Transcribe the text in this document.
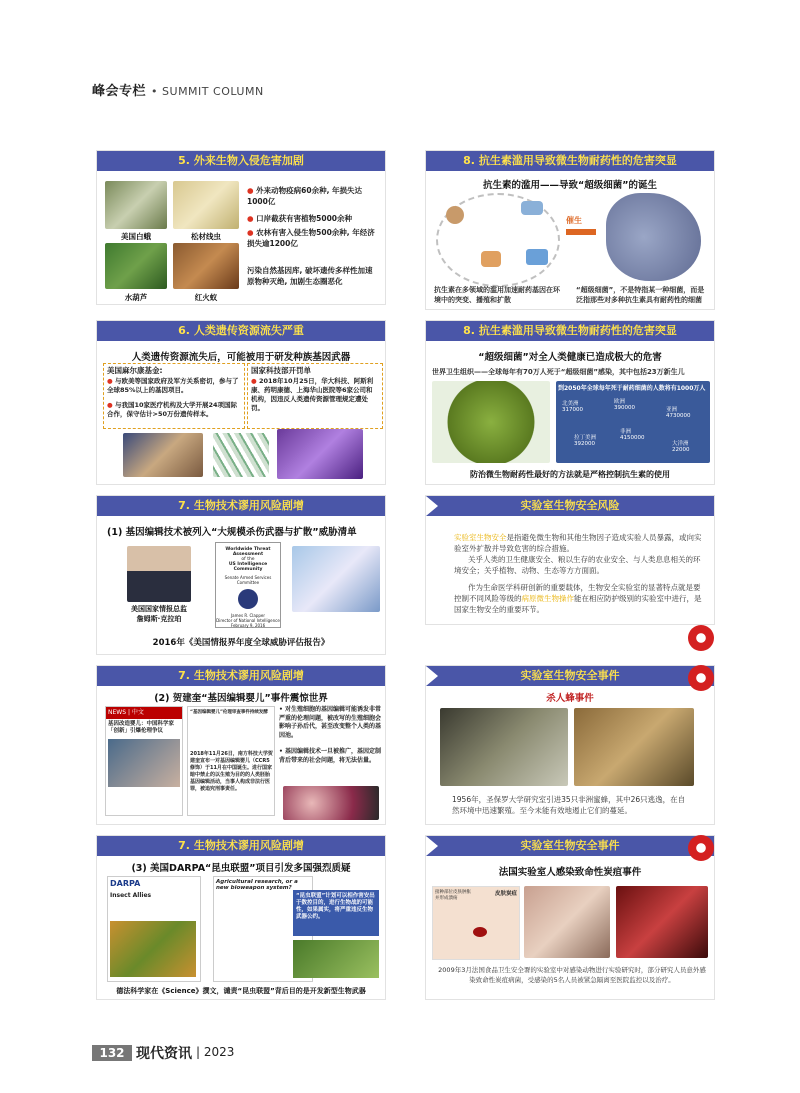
峰会专栏 • SUMMIT COLUMN
5. 外来生物入侵危害加剧
美国白蛾	松材线虫
水葫芦	红火蚁
● 外来动物疫病60余种, 年损失达1000亿
● 口岸截获有害植物5000余种
● 农林有害入侵生物500余种, 年经济损失逾1200亿
污染自然基因库, 破坏遗传多样性加速原物种灭绝, 加剧生态圈恶化
8. 抗生素滥用导致微生物耐药性的危害突显
抗生素的滥用——导致“超级细菌”的诞生
催生
抗生素在多领域的滥用加速耐药基因在环境中的突变、播殖和扩散
“超级细菌”，不是特指某一种细菌，而是泛指那些对多种抗生素具有耐药性的细菌
6. 人类遗传资源流失严重
人类遗传资源流失后，可能被用于研发种族基因武器
美国麻尔康基金:
● 与欧美等国家政府及军方关系密切，参与了全球85%以上的基因项目。
● 与我国10家医疗机构及大学开展24项国际合作，保守估计>50万份遗传样本。
国家科技部开罚单
● 2018年10月25日，华大科技、阿斯利康、药明康德、上海华山医院等6家公司和机构，因违反人类遗传资源管理规定遭处罚。
8. 抗生素滥用导致微生物耐药性的危害突显
“超级细菌”对全人类健康已造成极大的危害
世界卫生组织——全球每年有70万人死于“超级细菌”感染，其中包括23万新生儿
到2050年全球每年死于耐药细菌的人数将有1000万人
北美洲
317000
欧洲
390000	亚洲
4730000
非洲
4150000
拉丁美洲
392000	大洋洲
22000
防治微生物耐药性最好的方法就是严格控制抗生素的使用
7. 生物技术谬用风险剧增
(1) 基因编辑技术被列入“大规模杀伤武器与扩散”威胁清单
美国国家情报总监
詹姆斯·克拉珀
Worldwide Threat Assessment
of the
US Intelligence Community
Senate Armed Services Committee
James R. Clapper
Director of National Intelligence
February 9, 2016
2016年《美国情报界年度全球威胁评估报告》
实验室生物安全风险
实验室生物安全是指避免微生物和其他生物因子造成实验人员暴露，或向实验室外扩散并导致危害的综合措施。
关乎人类的卫生健康安全、粮以生存的农业安全、与人类息息相关的环境安全；关乎植物、动物、生态等方方面面。
作为生命医学科研创新的重要载体，生物安全实验室的显著特点就是要控制不同风险等级的病原微生物操作能在相应防护级别的实验室中进行，是国家生物安全的重要环节。
7. 生物技术谬用风险剧增
(2) 贺建奎“基因编辑婴儿”事件震惊世界
NEWS | 中文
基因改造婴儿：中国科学家「创新」引爆伦理争议
“基因编辑婴儿”伦理审查事件持续发酵
2018年11月26日，南方科技大学贺建奎宣布一对基因编辑婴儿（CCR5修饰）于11月在中国诞生。进行国家暗中禁止的以生殖为目的的人类胚胎基因编辑活动，当事人构成非法行医罪，被追究刑事责任。
• 对生殖细胞的基因编辑可能诱发非常严重的伦理问题，被改写的生殖细胞会影响子孙后代，甚至改变整个人类的基因池。
• 基因编辑技术一旦被推广，基因定制背后带来的社会问题，将无法估量。
实验室生物安全事件
杀人蜂事件
1956年，圣保罗大学研究室引进35只非洲蜜蜂，其中26只逃逸，在自然环境中迅速繁殖。至今未能有效地遏止它们的蔓延。
7. 生物技术谬用风险剧增
(3) 美国DARPA“昆虫联盟”项目引发多国强烈质疑
DARPA
Insect Allies
Agricultural research, or a new bioweapon system?
“昆虫联盟”计划可以相作害安出于数控目的，进行生物战的可能性，如果属实，将严重违反生物武器公约。
德法科学家在《Science》撰文，谴责“昆虫联盟”背后目的是开发新型生物武器
实验室生物安全事件
法国实验室人感染致命性炭疽事件
皮肤炭疽
接种部位皮肤肿胀并形成溃疡
2009年3月法国食品卫生安全署的实验室中对感染动物进行实验研究时，部分研究人员意外感染致命性炭疽病菌，受感染的5名人员被紧急隔离至医院监控以及治疗。
132 现代资讯 | 2023
